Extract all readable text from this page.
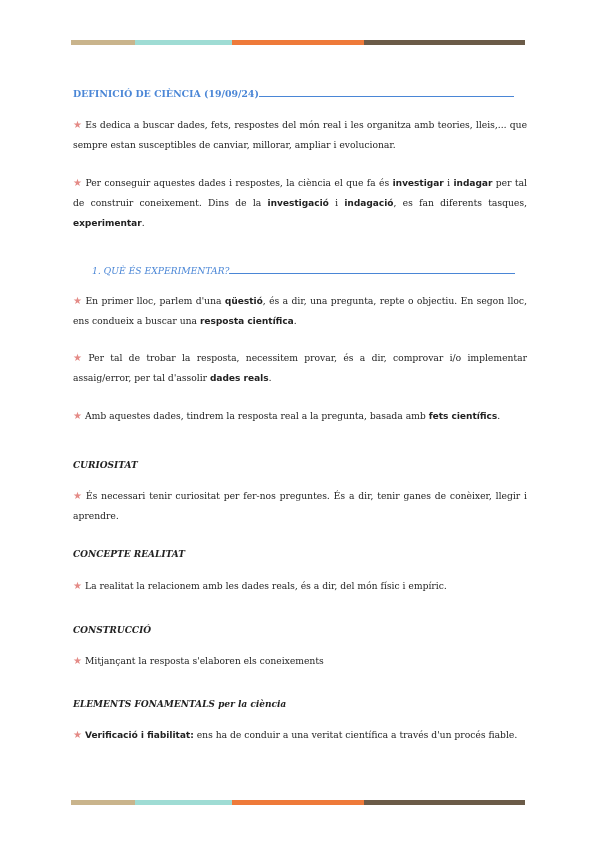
DEFINICIÓ DE CIÈNCIA (19/09/24)
★ Es dedica a buscar dades, fets, respostes del món real i les organitza amb teories, lleis,... que sempre estan susceptibles de canviar, millorar, ampliar i evolucionar.
★ Per conseguir aquestes dades i respostes, la ciència el que fa és investigar i indagar per tal de construir coneixement. Dins de la investigació i indagació, es fan diferents tasques, experimentar.
1. QUÈ ÉS EXPERIMENTAR?
★ En primer lloc, parlem d'una qüestió, és a dir, una pregunta, repte o objectiu. En segon lloc, ens condueix a buscar una resposta científica.
★ Per tal de trobar la resposta, necessitem provar, és a dir, comprovar i/o implementar assaig/error, per tal d'assolir dades reals.
★ Amb aquestes dades, tindrem la resposta real a la pregunta, basada amb fets científics.
CURIOSITAT
★ És necessari tenir curiositat per fer-nos preguntes. És a dir, tenir ganes de conèixer, llegir i aprendre.
CONCEPTE REALITAT
★ La realitat la relacionem amb les dades reals, és a dir, del món físic i empíric.
CONSTRUCCIÓ
★ Mitjançant la resposta s'elaboren els coneixements
ELEMENTS FONAMENTALS per la ciència
★ Verificació i fiabilitat: ens ha de conduir a una veritat científica a través d'un procés fiable.
